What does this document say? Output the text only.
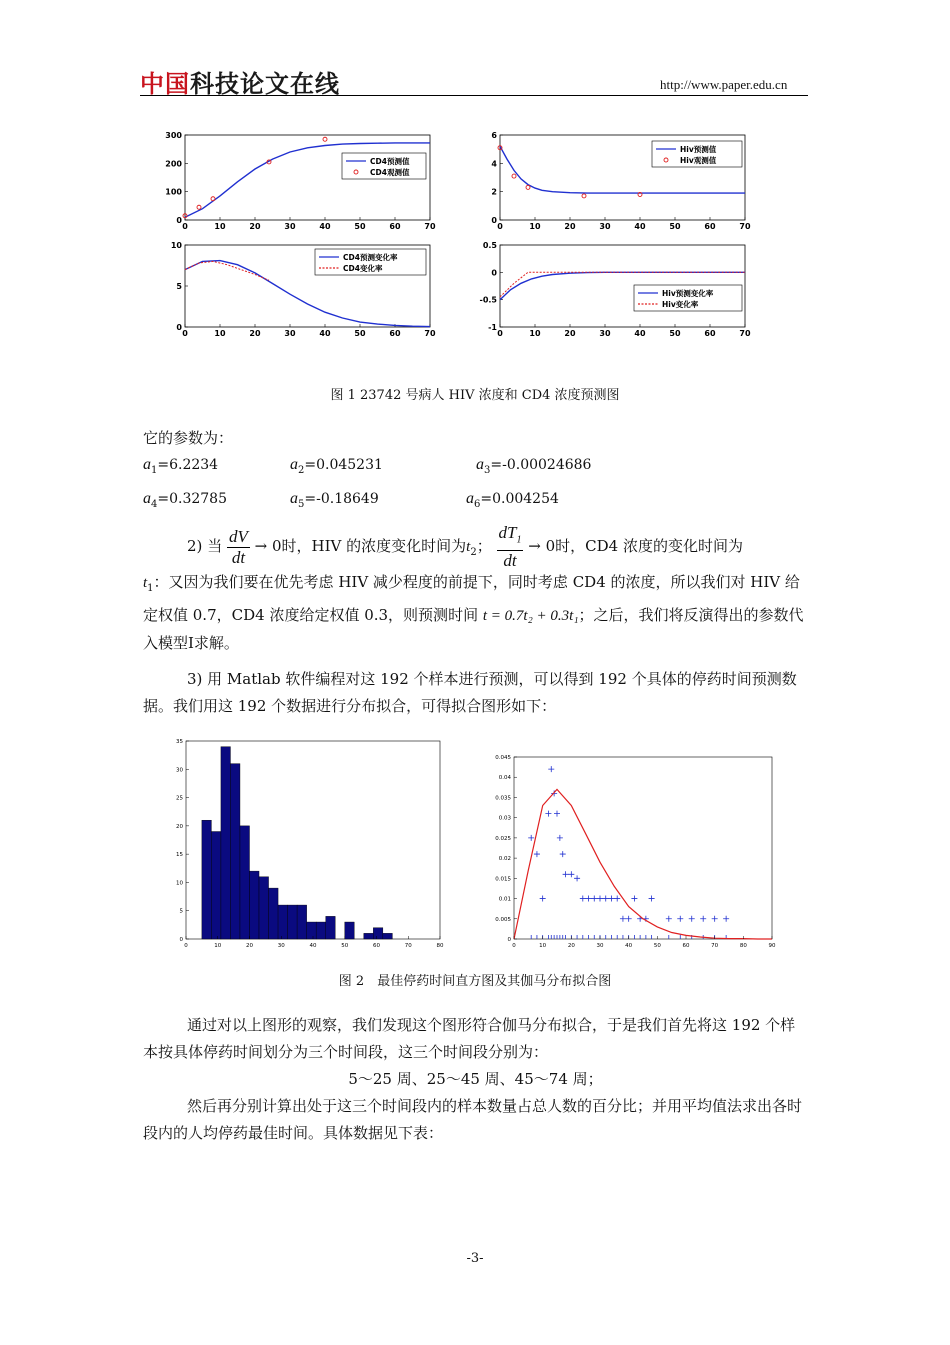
中国科技论文在线	http://www.paper.edu.cn
0	10	20	30	40	50	60	70
0
100
200
300
CD4预测值
CD4观测值
0	10	20	30	40	50	60	70
0
2
4
6
Hiv预测值
Hiv观测值
0	10	20	30	40	50	60	70
0
5
10
CD4预测变化率
CD4变化率
0	10	20	30	40	50	60	70
-1
-0.5
0
0.5
Hiv预测变化率
Hiv变化率
图 1 23742 号病人 HIV 浓度和 CD4 浓度预测图
它的参数为：
$a_1=6.2234$	$a_2=0.045231$	$a_3=-0.00024686$
$a_4=0.32785$	$a_5=-0.18649$	$a_6=0.004254$
2) 当 $\frac{dV}{dt} \to 0$时，HIV 的浓度变化时间为$t_2$； $\frac{dT_1}{dt} \to 0$时，CD4 浓度的变化时间为
$t_1$：又因为我们要在优先考虑 HIV 减少程度的前提下，同时考虑 CD4 的浓度，所以我们对 HIV 给定权值 0.7，CD4 浓度给定权值 0.3，则预测时间 t = 0.7t₂ + 0.3t₁；之后，我们将反演得出的参数代入模型Ⅰ求解。
3) 用 Matlab 软件编程对这 192 个样本进行预测，可以得到 192 个具体的停药时间预测数据。我们用这 192 个数据进行分布拟合，可得拟合图形如下：
0	10	20	30	40	50	60	70	80
0
5
10
15
20
25
30
35
0	10	20	30	40	50	60	70	80	90
0
0.005
0.01
0.015
0.02
0.025
0.03
0.035
0.04
0.045
图 2　最佳停药时间直方图及其伽马分布拟合图
通过对以上图形的观察，我们发现这个图形符合伽马分布拟合，于是我们首先将这 192 个样本按具体停药时间划分为三个时间段，这三个时间段分别为：
5～25 周、25～45 周、45～74 周；
然后再分别计算出处于这三个时间段内的样本数量占总人数的百分比；并用平均值法求出各时段内的人均停药最佳时间。具体数据见下表：
-3-
